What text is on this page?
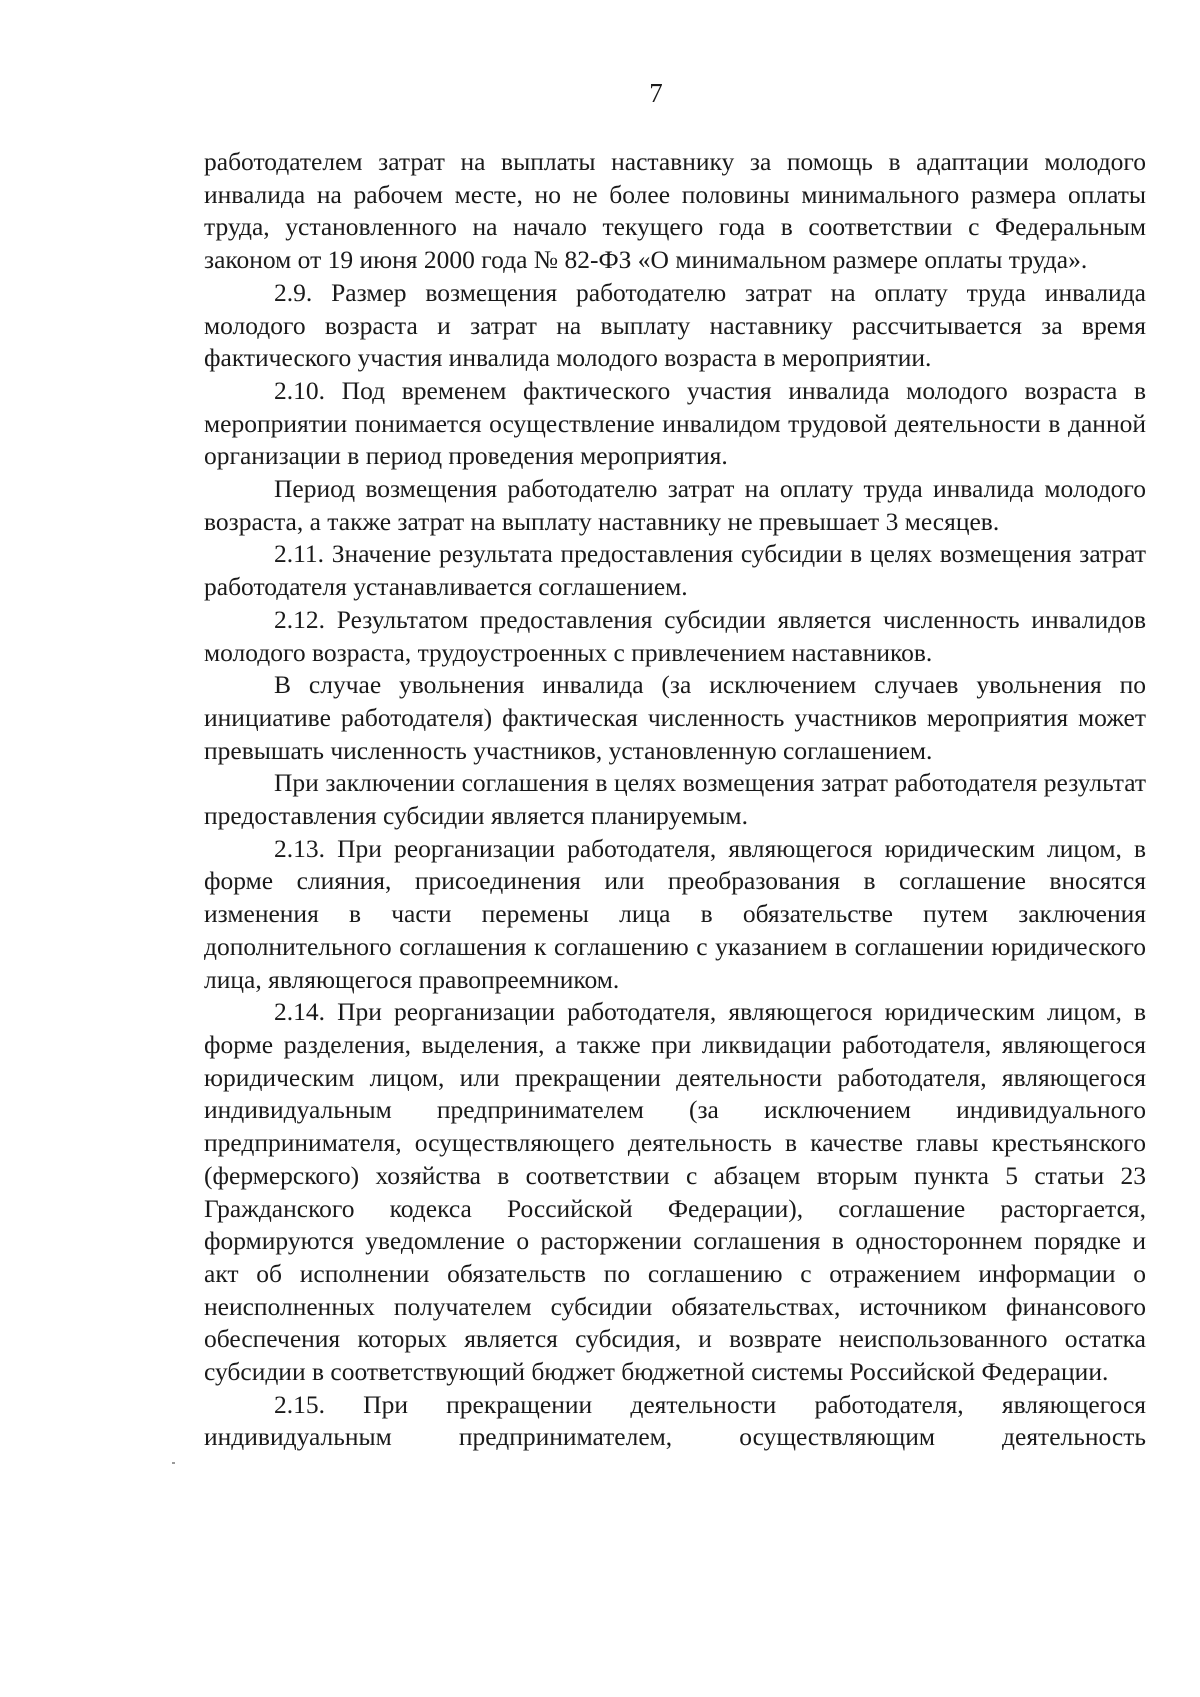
7

работодателем затрат на выплаты наставнику за помощь в адаптации молодого инвалида на рабочем месте, но не более половины минимального размера оплаты труда, установленного на начало текущего года в соответствии с Федеральным законом от 19 июня 2000 года № 82-ФЗ «О минимальном размере оплаты труда».

2.9. Размер возмещения работодателю затрат на оплату труда инвалида молодого возраста и затрат на выплату наставнику рассчитывается за время фактического участия инвалида молодого возраста в мероприятии.

2.10. Под временем фактического участия инвалида молодого возраста в мероприятии понимается осуществление инвалидом трудовой деятельности в данной организации в период проведения мероприятия.

Период возмещения работодателю затрат на оплату труда инвалида молодого возраста, а также затрат на выплату наставнику не превышает 3 месяцев.

2.11. Значение результата предоставления субсидии в целях возмещения затрат работодателя устанавливается соглашением.

2.12. Результатом предоставления субсидии является численность инвалидов молодого возраста, трудоустроенных с привлечением наставников.

В случае увольнения инвалида (за исключением случаев увольнения по инициативе работодателя) фактическая численность участников мероприятия может превышать численность участников, установленную соглашением.

При заключении соглашения в целях возмещения затрат работодателя результат предоставления субсидии является планируемым.

2.13. При реорганизации работодателя, являющегося юридическим лицом, в форме слияния, присоединения или преобразования в соглашение вносятся изменения в части перемены лица в обязательстве путем заключения дополнительного соглашения к соглашению с указанием в соглашении юридического лица, являющегося правопреемником.

2.14. При реорганизации работодателя, являющегося юридическим лицом, в форме разделения, выделения, а также при ликвидации работодателя, являющегося юридическим лицом, или прекращении деятельности работодателя, являющегося индивидуальным предпринимателем (за исключением индивидуального предпринимателя, осуществляющего деятельность в качестве главы крестьянского (фермерского) хозяйства в соответствии с абзацем вторым пункта 5 статьи 23 Гражданского кодекса Российской Федерации), соглашение расторгается, формируются уведомление о расторжении соглашения в одностороннем порядке и акт об исполнении обязательств по соглашению с отражением информации о неисполненных получателем субсидии обязательствах, источником финансового обеспечения которых является субсидия, и возврате неиспользованного остатка субсидии в соответствующий бюджет бюджетной системы Российской Федерации.

2.15. При прекращении деятельности работодателя, являющегося индивидуальным предпринимателем, осуществляющим деятельность
